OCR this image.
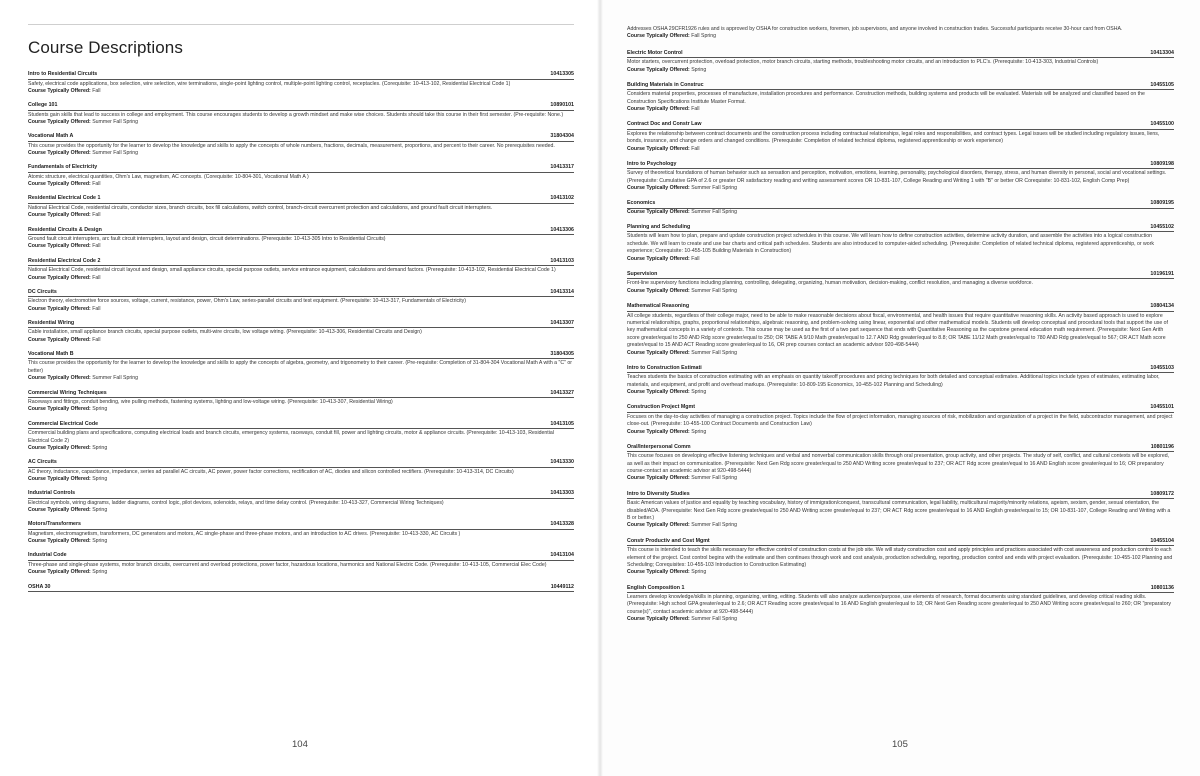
Course Descriptions
Intro to Residential Circuits	10413305
Safety, electrical code applications, box selection, wire selection, wire terminations, single-point lighting control, multiple-point lighting control, receptacles. (Corequisite: 10-413-102, Residential Electrical Code 1)
Course Typically Offered: Fall
College 101	10890101
Students gain skills that lead to success in college and employment. This course encourages students to develop a growth mindset and make wise choices. Students should take this course in their first semester. (Pre-requisite: None.)
Course Typically Offered: Summer Fall Spring
Vocational Math A	31804304
This course provides the opportunity for the learner to develop the knowledge and skills to apply the concepts of whole numbers, fractions, decimals, measurement, proportions, and percent to their career. No prerequisites needed.
Course Typically Offered: Summer Fall Spring
Fundamentals of Electricity	10413317
Atomic structure, electrical quantities, Ohm's Law, magnetism, AC concepts. (Corequisite: 10-804-301, Vocational Math A )
Course Typically Offered: Fall
Residential Electrical Code 1	10413102
National Electrical Code, residential circuits, conductor sizes, branch circuits, box fill calculations, switch control, branch-circuit overcurrent protection and calculations, and ground fault circuit interrupters.
Course Typically Offered: Fall
Residential Circuits & Design	10413306
Ground fault circuit interrupters, arc fault circuit interrupters, layout and design, circuit determinations. (Prerequisite: 10-413-305 Intro to Residential Circuits)
Course Typically Offered: Fall
Residential Electrical Code 2	10413103
National Electrical Code, residential circuit layout and design, small appliance circuits, special purpose outlets, service entrance equipment, calculations and demand factors. (Prerequisite: 10-413-102, Residential Electrical Code 1)
Course Typically Offered: Fall
DC Circuits	10413314
Electron theory, electromotive force sources, voltage, current, resistance, power, Ohm's Law, series-parallel circuits and test equipment. (Prerequisite: 10-413-317, Fundamentals of Electricity)
Course Typically Offered: Fall
Residential Wiring	10413307
Cable installation, small appliance branch circuits, special purpose outlets, multi-wire circuits, low voltage wiring. (Prerequisite: 10-413-306, Residential Circuits and Design)
Course Typically Offered: Fall
Vocational Math B	31804305
This course provides the opportunity for the learner to develop the knowledge and skills to apply the concepts of algebra, geometry, and trigonometry to their career. (Pre-requisite: Completion of 31-804-304 Vocational Math A with a "C" or better)
Course Typically Offered: Summer Fall Spring
Commercial Wiring Techniques	10413327
Raceways and fittings, conduit bending, wire pulling methods, fastening systems, lighting and low-voltage wiring. (Prerequisite: 10-413-307, Residential Wiring)
Course Typically Offered: Spring
Commercial Electrical Code	10413105
Commercial building plans and specifications, computing electrical loads and branch circuits, emergency systems, raceways, conduit fill, power and lighting circuits, motor & appliance circuits. (Prerequisite: 10-413-103, Residential Electrical Code 2)
Course Typically Offered: Spring
AC Circuits	10413330
AC theory, inductance, capacitance, impedance, series ad parallel AC circuits, AC power, power factor corrections, rectification of AC, diodes and silicon controlled rectifiers. (Prerequisite: 10-413-314, DC Circuits)
Course Typically Offered: Spring
Industrial Controls	10413303
Electrical symbols, wiring diagrams, ladder diagrams, control logic, pilot devices, solenoids, relays, and time delay control. (Prerequisite: 10-413-327, Commercial Wiring Techniques)
Course Typically Offered: Spring
Motors/Transformers	10413328
Magnetism, electromagnetism, transformers, DC generators and motors, AC single-phase and three-phase motors, and an introduction to AC drives. (Prerequisite: 10-413-330, AC Circuits )
Course Typically Offered: Spring
Industrial Code	10413104
Three-phase and single-phase systems, motor branch circuits, overcurrent and overload protections, power factor, hazardous locations, harmonics and National Electric Code. (Prerequisite: 10-413-105, Commercial Elec Code)
Course Typically Offered: Spring
OSHA 30	10449112
104
Addresses OSHA 29CFR1926 rules and is approved by OSHA for construction workers, foremen, job supervisors, and anyone involved in construction trades. Successful participants receive 30-hour card from OSHA.
Course Typically Offered: Fall Spring
Electric Motor Control	10413304
Motor starters, overcurrent protection, overload protection, motor branch circuits, starting methods, troubleshooting motor circuits, and an introduction to PLC's. (Prerequisite: 10-413-303, Industrial Controls)
Course Typically Offered: Spring
Building Materials in Construc	10455105
Considers material properties, processes of manufacture, installation procedures and performance. Construction methods, building systems and products will be evaluated. Materials will be analyzed and classified based on the Construction Specifications Institute Master Format.
Course Typically Offered: Fall
Contract Doc and Constr Law	10455100
Explores the relationship between contract documents and the construction process including contractual relationships, legal roles and responsibilities, and contract types. Legal issues will be studied including regulatory issues, liens, bonds, insurance, and change orders and changed conditions. (Prerequisite: Completion of related technical diploma, registered apprenticeship or work experience)
Course Typically Offered: Fall
Intro to Psychology	10809198
Survey of theoretical foundations of human behavior such as sensation and perception, motivation, emotions, learning, personality, psychological disorders, therapy, stress, and human diversity in personal, social and vocational settings. (Prerequisite: Cumulative GPA of 2.6 or greater OR satisfactory reading and writing assessment scores OR 10-831-107, College Reading and Writing 1 with "B" or better OR Corequisite: 10-831-102, English Comp Prep)
Course Typically Offered: Summer Fall Spring
Economics	10809195
Course Typically Offered: Summer Fall Spring
Planning and Scheduling	10455102
Students will learn how to plan, prepare and update construction project schedules in this course. We will learn how to define construction activities, determine activity duration, and assemble the activities into a logical construction schedule. We will learn to create and use bar charts and critical path schedules. Students are also introduced to computer-aided scheduling. (Prerequisite: Completion of related technical diploma, registered apprenticeship, or work experience; Corequisite: 10-455-105 Building Materials in Construction)
Course Typically Offered: Fall
Supervision	10196191
Front-line supervisory functions including planning, controlling, delegating, organizing, human motivation, decision-making, conflict resolution, and managing a diverse workforce.
Course Typically Offered: Summer Fall Spring
Mathematical Reasoning	10804134
All college students, regardless of their college major, need to be able to make reasonable decisions about fiscal, environmental, and health issues that require quantitative reasoning skills. An activity based approach is used to explore numerical relationships, graphs, proportional relationships, algebraic reasoning, and problem-solving using linear, exponential and other mathematical models. Students will develop conceptual and procedural tools that support the use of key mathematical concepts in a variety of contexts. This course may be used as the first of a two part sequence that ends with Quantitative Reasoning as the capstone general education math requirement. (Prerequisite: Next Gen Arith score greater/equal to 250 AND Rdg score greater/equal to 250; OR TABE A 9/10 Math greater/equal to 12.7 AND Rdg greater/equal to 8.8; OR TABE 11/12 Math greater/equal to 780 AND Rdg greater/equal to 567; OR ACT Math score greater/equal to 15 AND ACT Reading score greater/equal to 16, OR prep courses contact an academic advisor 920-498-5444)
Course Typically Offered: Summer Fall Spring
Intro to Construction Estimati	10455103
Teaches students the basics of construction estimating with an emphasis on quantity takeoff procedures and pricing techniques for both detailed and conceptual estimates. Additional topics include types of estimates, estimating labor, materials, and equipment, and profit and overhead markups. (Prerequisite: 10-809-195 Economics, 10-455-102 Planning and Scheduling)
Course Typically Offered: Spring
Construction Project Mgmt	10455101
Focuses on the day-to-day activities of managing a construction project. Topics include the flow of project information, managing sources of risk, mobilization and organization of a project in the field, subcontractor management, and project close-out. (Prerequisite: 10-455-100 Contract Documents and Construction Law)
Course Typically Offered: Spring
Oral/Interpersonal Comm	10801196
This course focuses on developing effective listening techniques and verbal and nonverbal communication skills through oral presentation, group activity, and other projects. The study of self, conflict, and cultural contexts will be explored, as well as their impact on communication. (Prerequisite: Next Gen Rdg score greater/equal to 250 AND Writing score greater/equal to 237; OR ACT Rdg score greater/equal to 16 AND English score greater/equal to 16; OR preparatory course-contact an academic advisor at 920-498-5444)
Course Typically Offered: Summer Fall Spring
Intro to Diversity Studies	10809172
Basic American values of justice and equality by teaching vocabulary, history of immigration/conquest, transcultural communication, legal liability, multicultural majority/minority relations, ageism, sexism, gender, sexual orientation, the disabled/ADA. (Prerequisite: Next Gen Rdg score greater/equal to 250 AND Writing score greater/equal to 237; OR ACT Rdg score greater/equal to 16 AND English greater/equal to 15; OR 10-831-107, College Reading and Writing with a B or better.)
Course Typically Offered: Summer Fall Spring
Constr Productiv and Cost Mgmt	10455104
This course is intended to teach the skills necessary for effective control of construction costs at the job site. We will study construction cost and apply principles and practices associated with cost awareness and production control to each element of the project. Cost control begins with the estimate and then continues through work and cost analysis, production scheduling, reporting, production control and ends with project evaluation. (Prerequisite: 10-455-102 Planning and Scheduling; Corequisites: 10-455-103 Introduction to Construction Estimating)
Course Typically Offered: Spring
English Composition 1	10801136
Learners develop knowledge/skills in planning, organizing, writing, editing. Students will also analyze audience/purpose, use elements of research, format documents using standard guidelines, and develop critical reading skills. (Prerequisite: High school GPA greater/equal to 2.6; OR ACT Reading score greater/equal to 16 AND English greater/equal to 18; OR Next Gen Reading score greater/equal to 250 AND Writing score greater/equal to 260; OR "preparatory course(s)", contact academic advisor at 920-498-5444)
Course Typically Offered: Summer Fall Spring
105
